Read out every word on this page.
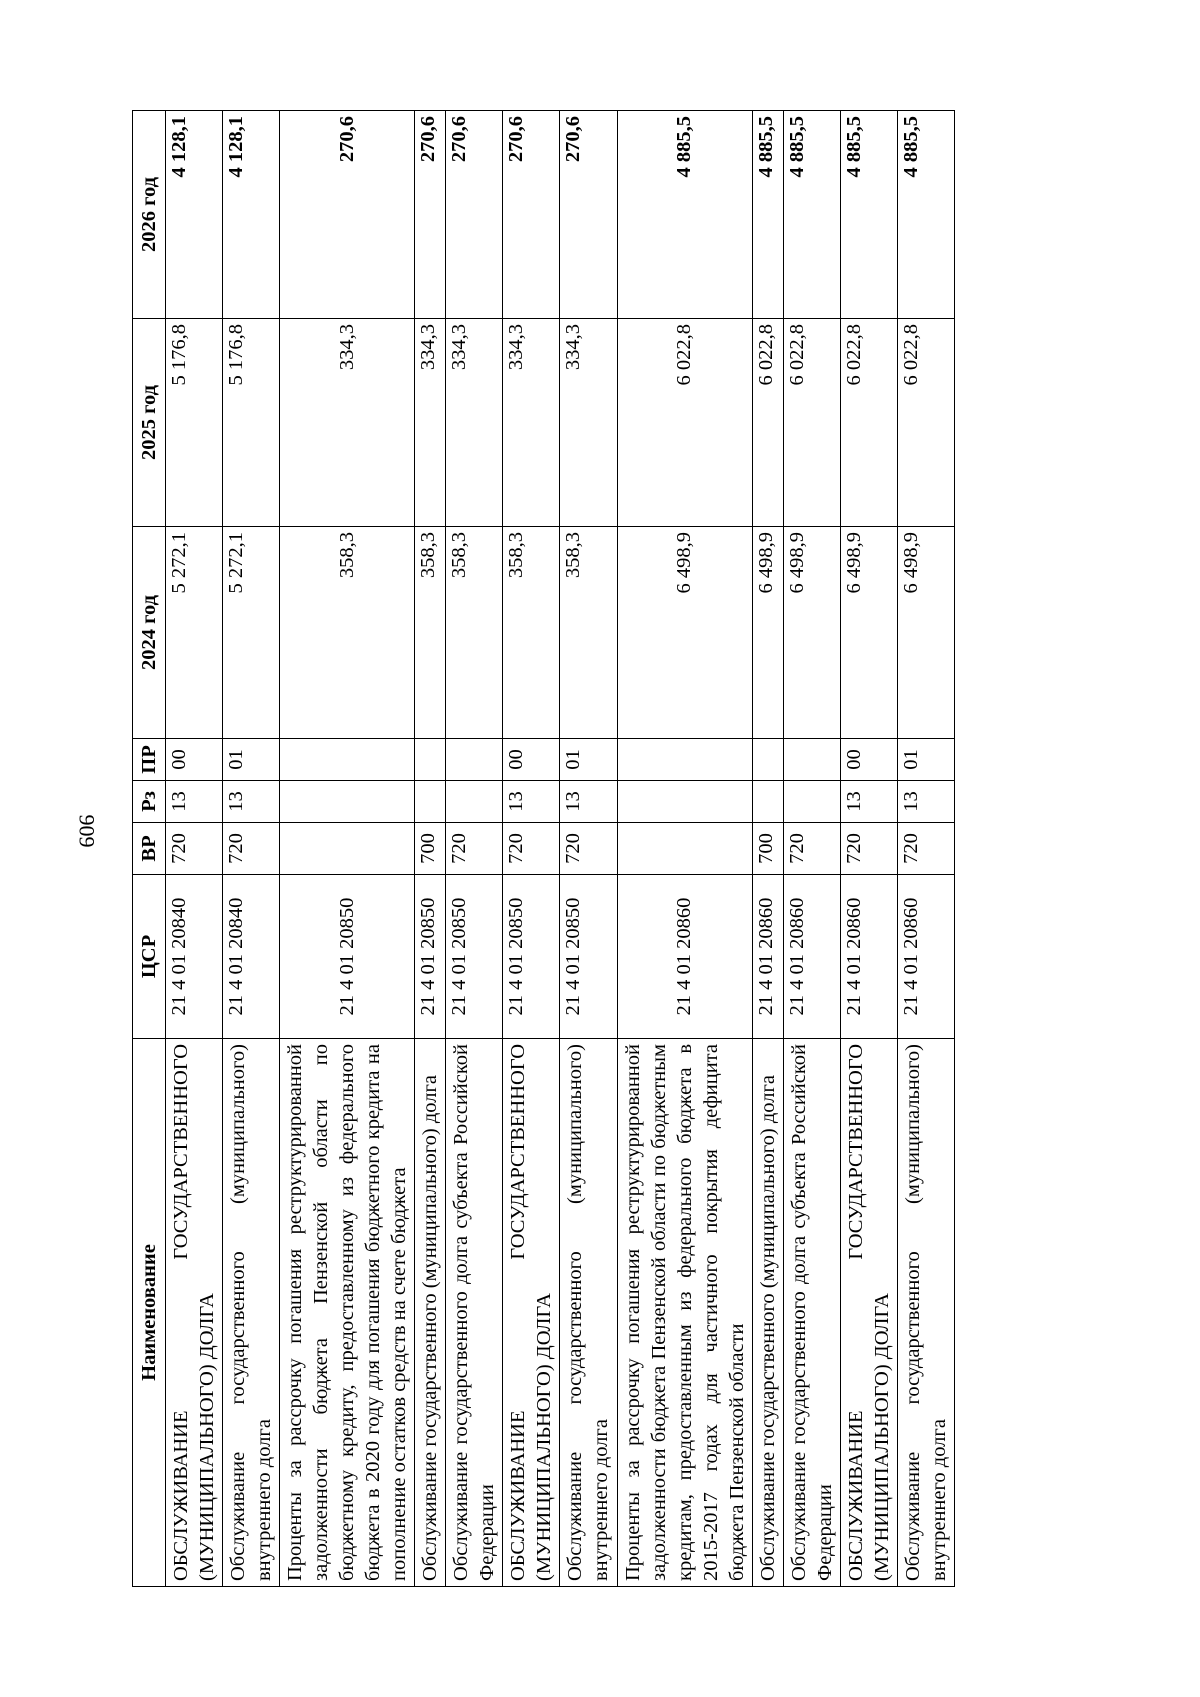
909
Наименование	ЦСР	ВР	Рз	ПР	2024 год	2025 год	2026 год
ОБСЛУЖИВАНИЕ ГОСУДАРСТВЕННОГО (МУНИЦИПАЛЬНОГО) ДОЛГА	21 4 01 20840	720	13	00	5 272,1	5 176,8	4 128,1
Обслуживание государственного (муниципального) внутреннего долга	21 4 01 20840	720	13	01	5 272,1	5 176,8	4 128,1
Проценты за рассрочку погашения реструктурированной задолженности бюджета Пензенской области по бюджетному кредиту, предоставленному из федерального бюджета в 2020 году для погашения бюджетного кредита на пополнение остатков средств на счете бюджета	21 4 01 20850				358,3	334,3	270,6
Обслуживание государственного (муниципального) долга	21 4 01 20850	700			358,3	334,3	270,6
Обслуживание государственного долга субъекта Российской Федерации	21 4 01 20850	720			358,3	334,3	270,6
ОБСЛУЖИВАНИЕ ГОСУДАРСТВЕННОГО (МУНИЦИПАЛЬНОГО) ДОЛГА	21 4 01 20850	720	13	00	358,3	334,3	270,6
Обслуживание государственного (муниципального) внутреннего долга	21 4 01 20850	720	13	01	358,3	334,3	270,6
Проценты за рассрочку погашения реструктурированной задолженности бюджета Пензенской области по бюджетным кредитам, предоставленным из федерального бюджета в 2015-2017 годах для частичного покрытия дефицита бюджета Пензенской области	21 4 01 20860				6 498,9	6 022,8	4 885,5
Обслуживание государственного (муниципального) долга	21 4 01 20860	700			6 498,9	6 022,8	4 885,5
Обслуживание государственного долга субъекта Российской Федерации	21 4 01 20860	720			6 498,9	6 022,8	4 885,5
ОБСЛУЖИВАНИЕ ГОСУДАРСТВЕННОГО (МУНИЦИПАЛЬНОГО) ДОЛГА	21 4 01 20860	720	13	00	6 498,9	6 022,8	4 885,5
Обслуживание государственного (муниципального) внутреннего долга	21 4 01 20860	720	13	01	6 498,9	6 022,8	4 885,5
